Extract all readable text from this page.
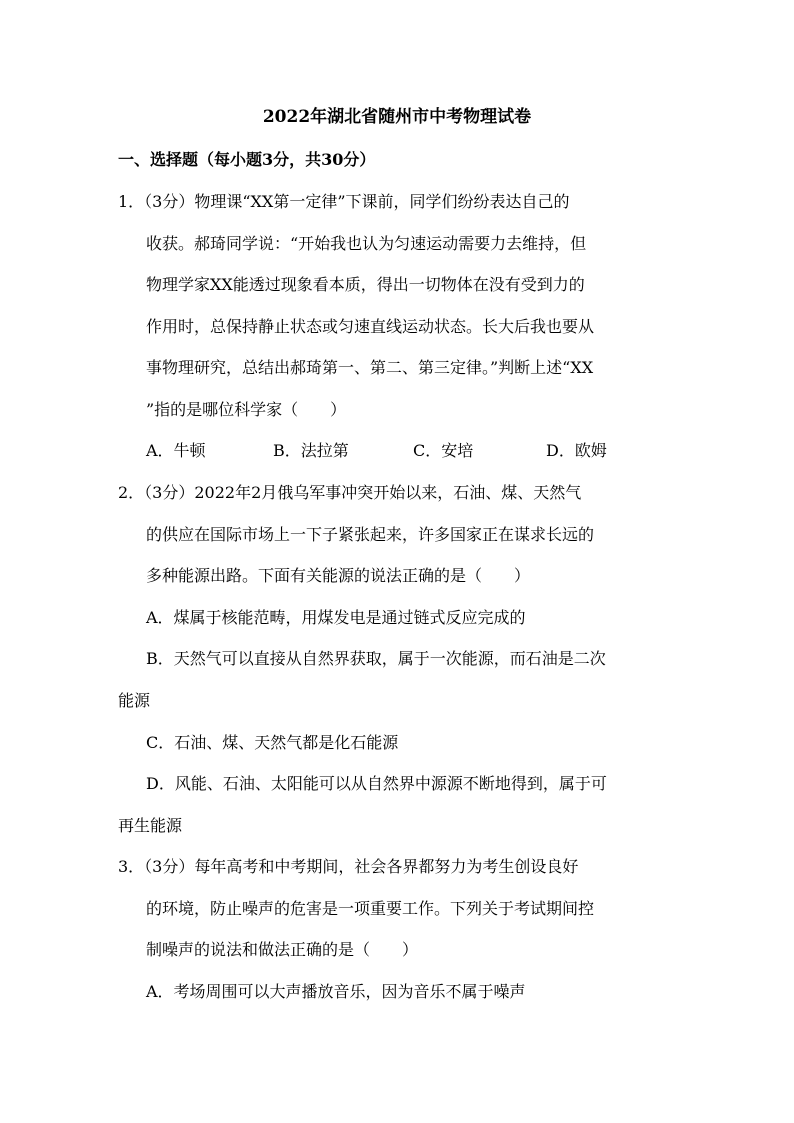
2022年湖北省随州市中考物理试卷
一、选择题（每小题3分，共30分）
1．（3分）物理课“XX第一定律”下课前，同学们纷纷表达自己的
收获。郝琦同学说：“开始我也认为匀速运动需要力去维持，但
物理学家XX能透过现象看本质，得出一切物体在没有受到力的
作用时，总保持静止状态或匀速直线运动状态。长大后我也要从
事物理研究，总结出郝琦第一、第二、第三定律。”判断上述“XX
”指的是哪位科学家（　　）
A．牛顿	B．法拉第	C．安培	D．欧姆
2．（3分）2022年2月俄乌军事冲突开始以来，石油、煤、天然气
的供应在国际市场上一下子紧张起来，许多国家正在谋求长远的
多种能源出路。下面有关能源的说法正确的是（　　）
A．煤属于核能范畴，用煤发电是通过链式反应完成的
B．天然气可以直接从自然界获取，属于一次能源，而石油是二次
能源
C．石油、煤、天然气都是化石能源
D．风能、石油、太阳能可以从自然界中源源不断地得到，属于可
再生能源
3．（3分）每年高考和中考期间，社会各界都努力为考生创设良好
的环境，防止噪声的危害是一项重要工作。下列关于考试期间控
制噪声的说法和做法正确的是（　　）
A．考场周围可以大声播放音乐，因为音乐不属于噪声
